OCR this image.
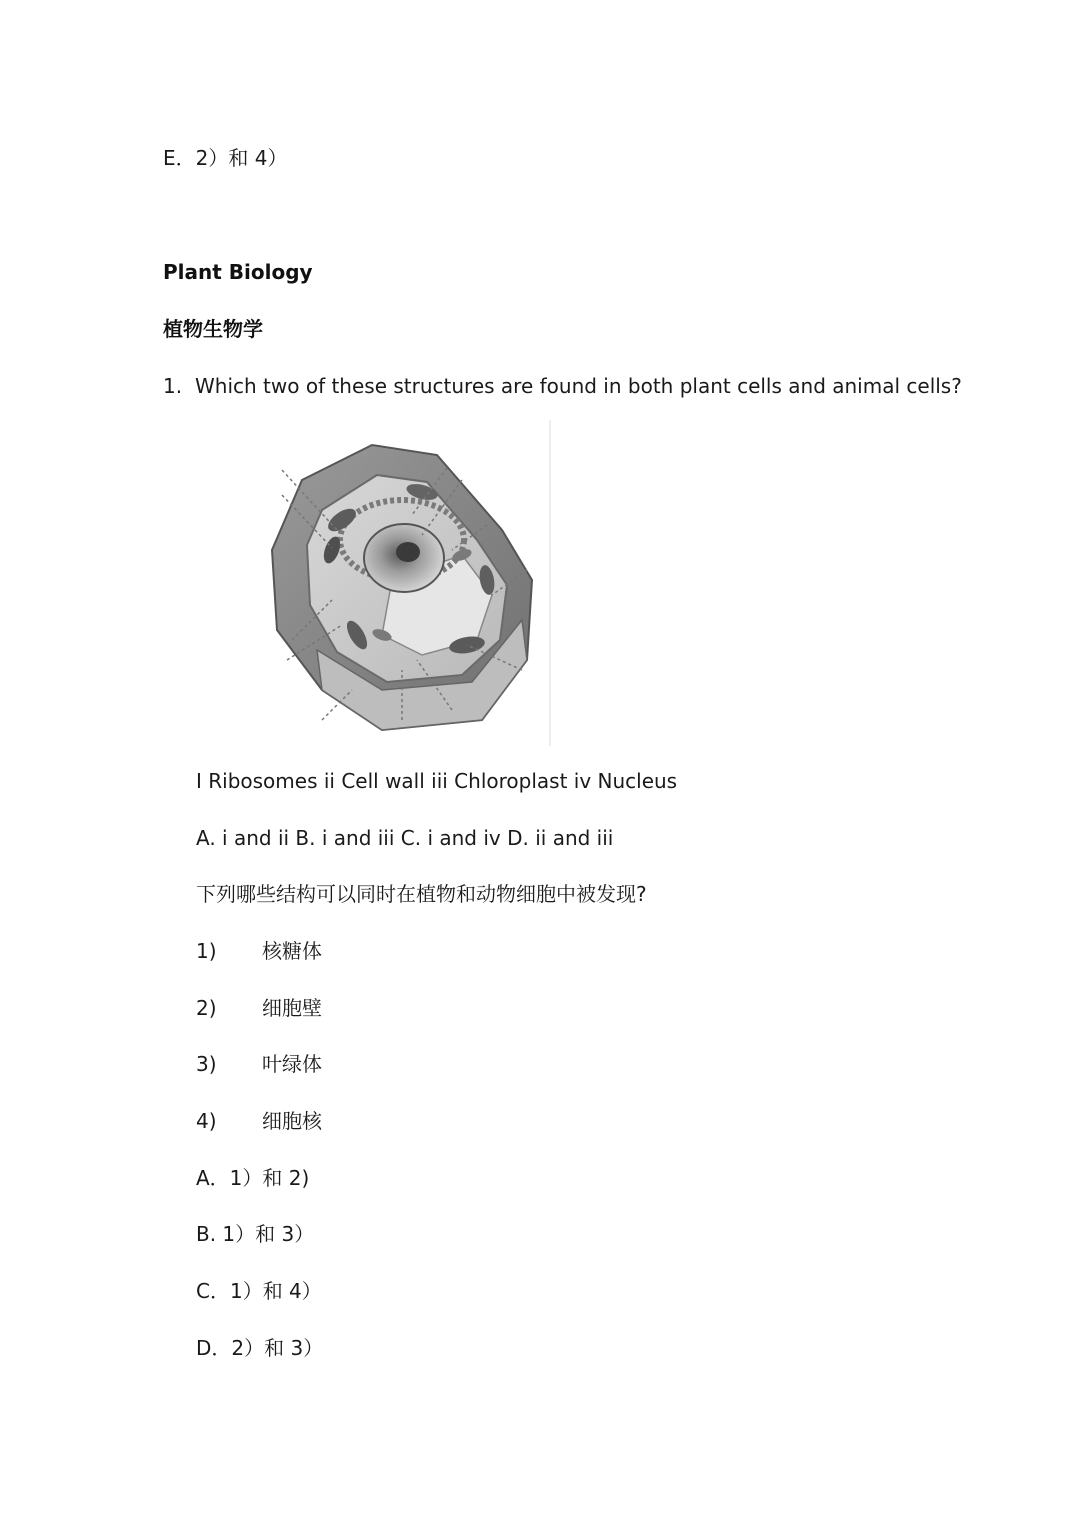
E．2）和 4）
Plant Biology
植物生物学
1. Which two of these structures are found in both plant cells and animal cells?
I Ribosomes ii Cell wall iii Chloroplast iv Nucleus
A. i and ii B. i and iii C. i and iv D. ii and iii
下列哪些结构可以同时在植物和动物细胞中被发现?
1) 核糖体
2) 细胞壁
3) 叶绿体
4) 细胞核
A．1）和 2)
B. 1）和 3）
C．1）和 4）
D．2）和 3）
